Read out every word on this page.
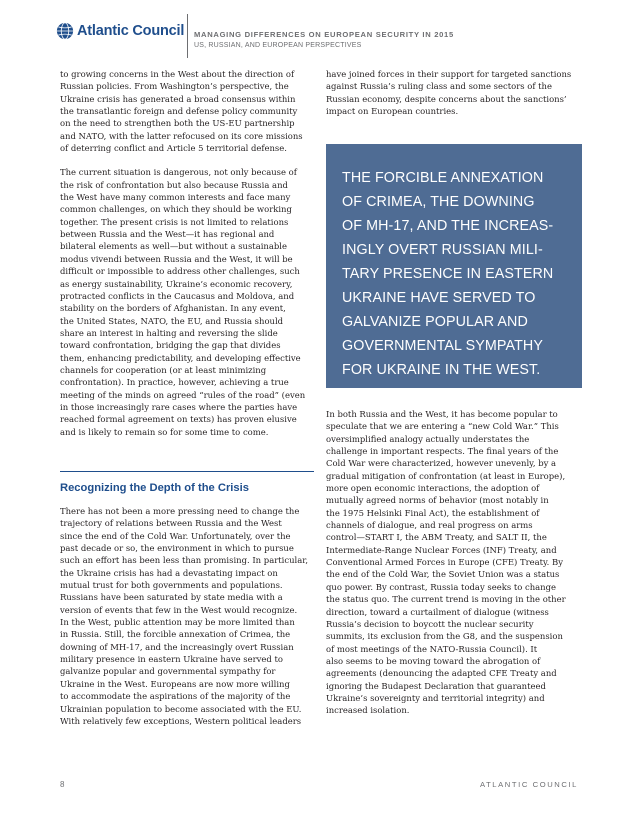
Atlantic Council MANAGING DIFFERENCES ON EUROPEAN SECURITY IN 2015
US, RUSSIAN, AND EUROPEAN PERSPECTIVES

to growing concerns in the West about the direction of
Russian policies. From Washington’s perspective, the
Ukraine crisis has generated a broad consensus within
the transatlantic foreign and defense policy community
on the need to strengthen both the US-EU partnership
and NATO, with the latter refocused on its core missions
of deterring conflict and Article 5 territorial defense.

The current situation is dangerous, not only because of
the risk of confrontation but also because Russia and
the West have many common interests and face many
common challenges, on which they should be working
together. The present crisis is not limited to relations
between Russia and the West—it has regional and
bilateral elements as well—but without a sustainable
modus vivendi between Russia and the West, it will be
difficult or impossible to address other challenges, such
as energy sustainability, Ukraine’s economic recovery,
protracted conflicts in the Caucasus and Moldova, and
stability on the borders of Afghanistan. In any event,
the United States, NATO, the EU, and Russia should
share an interest in halting and reversing the slide
toward confrontation, bridging the gap that divides
them, enhancing predictability, and developing effective
channels for cooperation (or at least minimizing
confrontation). In practice, however, achieving a true
meeting of the minds on agreed “rules of the road” (even
in those increasingly rare cases where the parties have
reached formal agreement on texts) has proven elusive
and is likely to remain so for some time to come.

Recognizing the Depth of the Crisis

There has not been a more pressing need to change the
trajectory of relations between Russia and the West
since the end of the Cold War. Unfortunately, over the
past decade or so, the environment in which to pursue
such an effort has been less than promising. In particular,
the Ukraine crisis has had a devastating impact on
mutual trust for both governments and populations.
Russians have been saturated by state media with a
version of events that few in the West would recognize.
In the West, public attention may be more limited than
in Russia. Still, the forcible annexation of Crimea, the
downing of MH-17, and the increasingly overt Russian
military presence in eastern Ukraine have served to
galvanize popular and governmental sympathy for
Ukraine in the West. Europeans are now more willing
to accommodate the aspirations of the majority of the
Ukrainian population to become associated with the EU.
With relatively few exceptions, Western political leaders

have joined forces in their support for targeted sanctions
against Russia’s ruling class and some sectors of the
Russian economy, despite concerns about the sanctions’
impact on European countries.

THE FORCIBLE ANNEXATION
OF CRIMEA, THE DOWNING
OF MH-17, AND THE INCREAS-
INGLY OVERT RUSSIAN MILI-
TARY PRESENCE IN EASTERN
UKRAINE HAVE SERVED TO
GALVANIZE POPULAR AND
GOVERNMENTAL SYMPATHY
FOR UKRAINE IN THE WEST.

In both Russia and the West, it has become popular to
speculate that we are entering a “new Cold War.” This
oversimplified analogy actually understates the
challenge in important respects. The final years of the
Cold War were characterized, however unevenly, by a
gradual mitigation of confrontation (at least in Europe),
more open economic interactions, the adoption of
mutually agreed norms of behavior (most notably in
the 1975 Helsinki Final Act), the establishment of
channels of dialogue, and real progress on arms
control—START I, the ABM Treaty, and SALT II, the
Intermediate-Range Nuclear Forces (INF) Treaty, and
Conventional Armed Forces in Europe (CFE) Treaty. By
the end of the Cold War, the Soviet Union was a status
quo power. By contrast, Russia today seeks to change
the status quo. The current trend is moving in the other
direction, toward a curtailment of dialogue (witness
Russia’s decision to boycott the nuclear security
summits, its exclusion from the G8, and the suspension
of most meetings of the NATO-Russia Council). It
also seems to be moving toward the abrogation of
agreements (denouncing the adapted CFE Treaty and
ignoring the Budapest Declaration that guaranteed
Ukraine’s sovereignty and territorial integrity) and
increased isolation.

8	ATLANTIC COUNCIL
